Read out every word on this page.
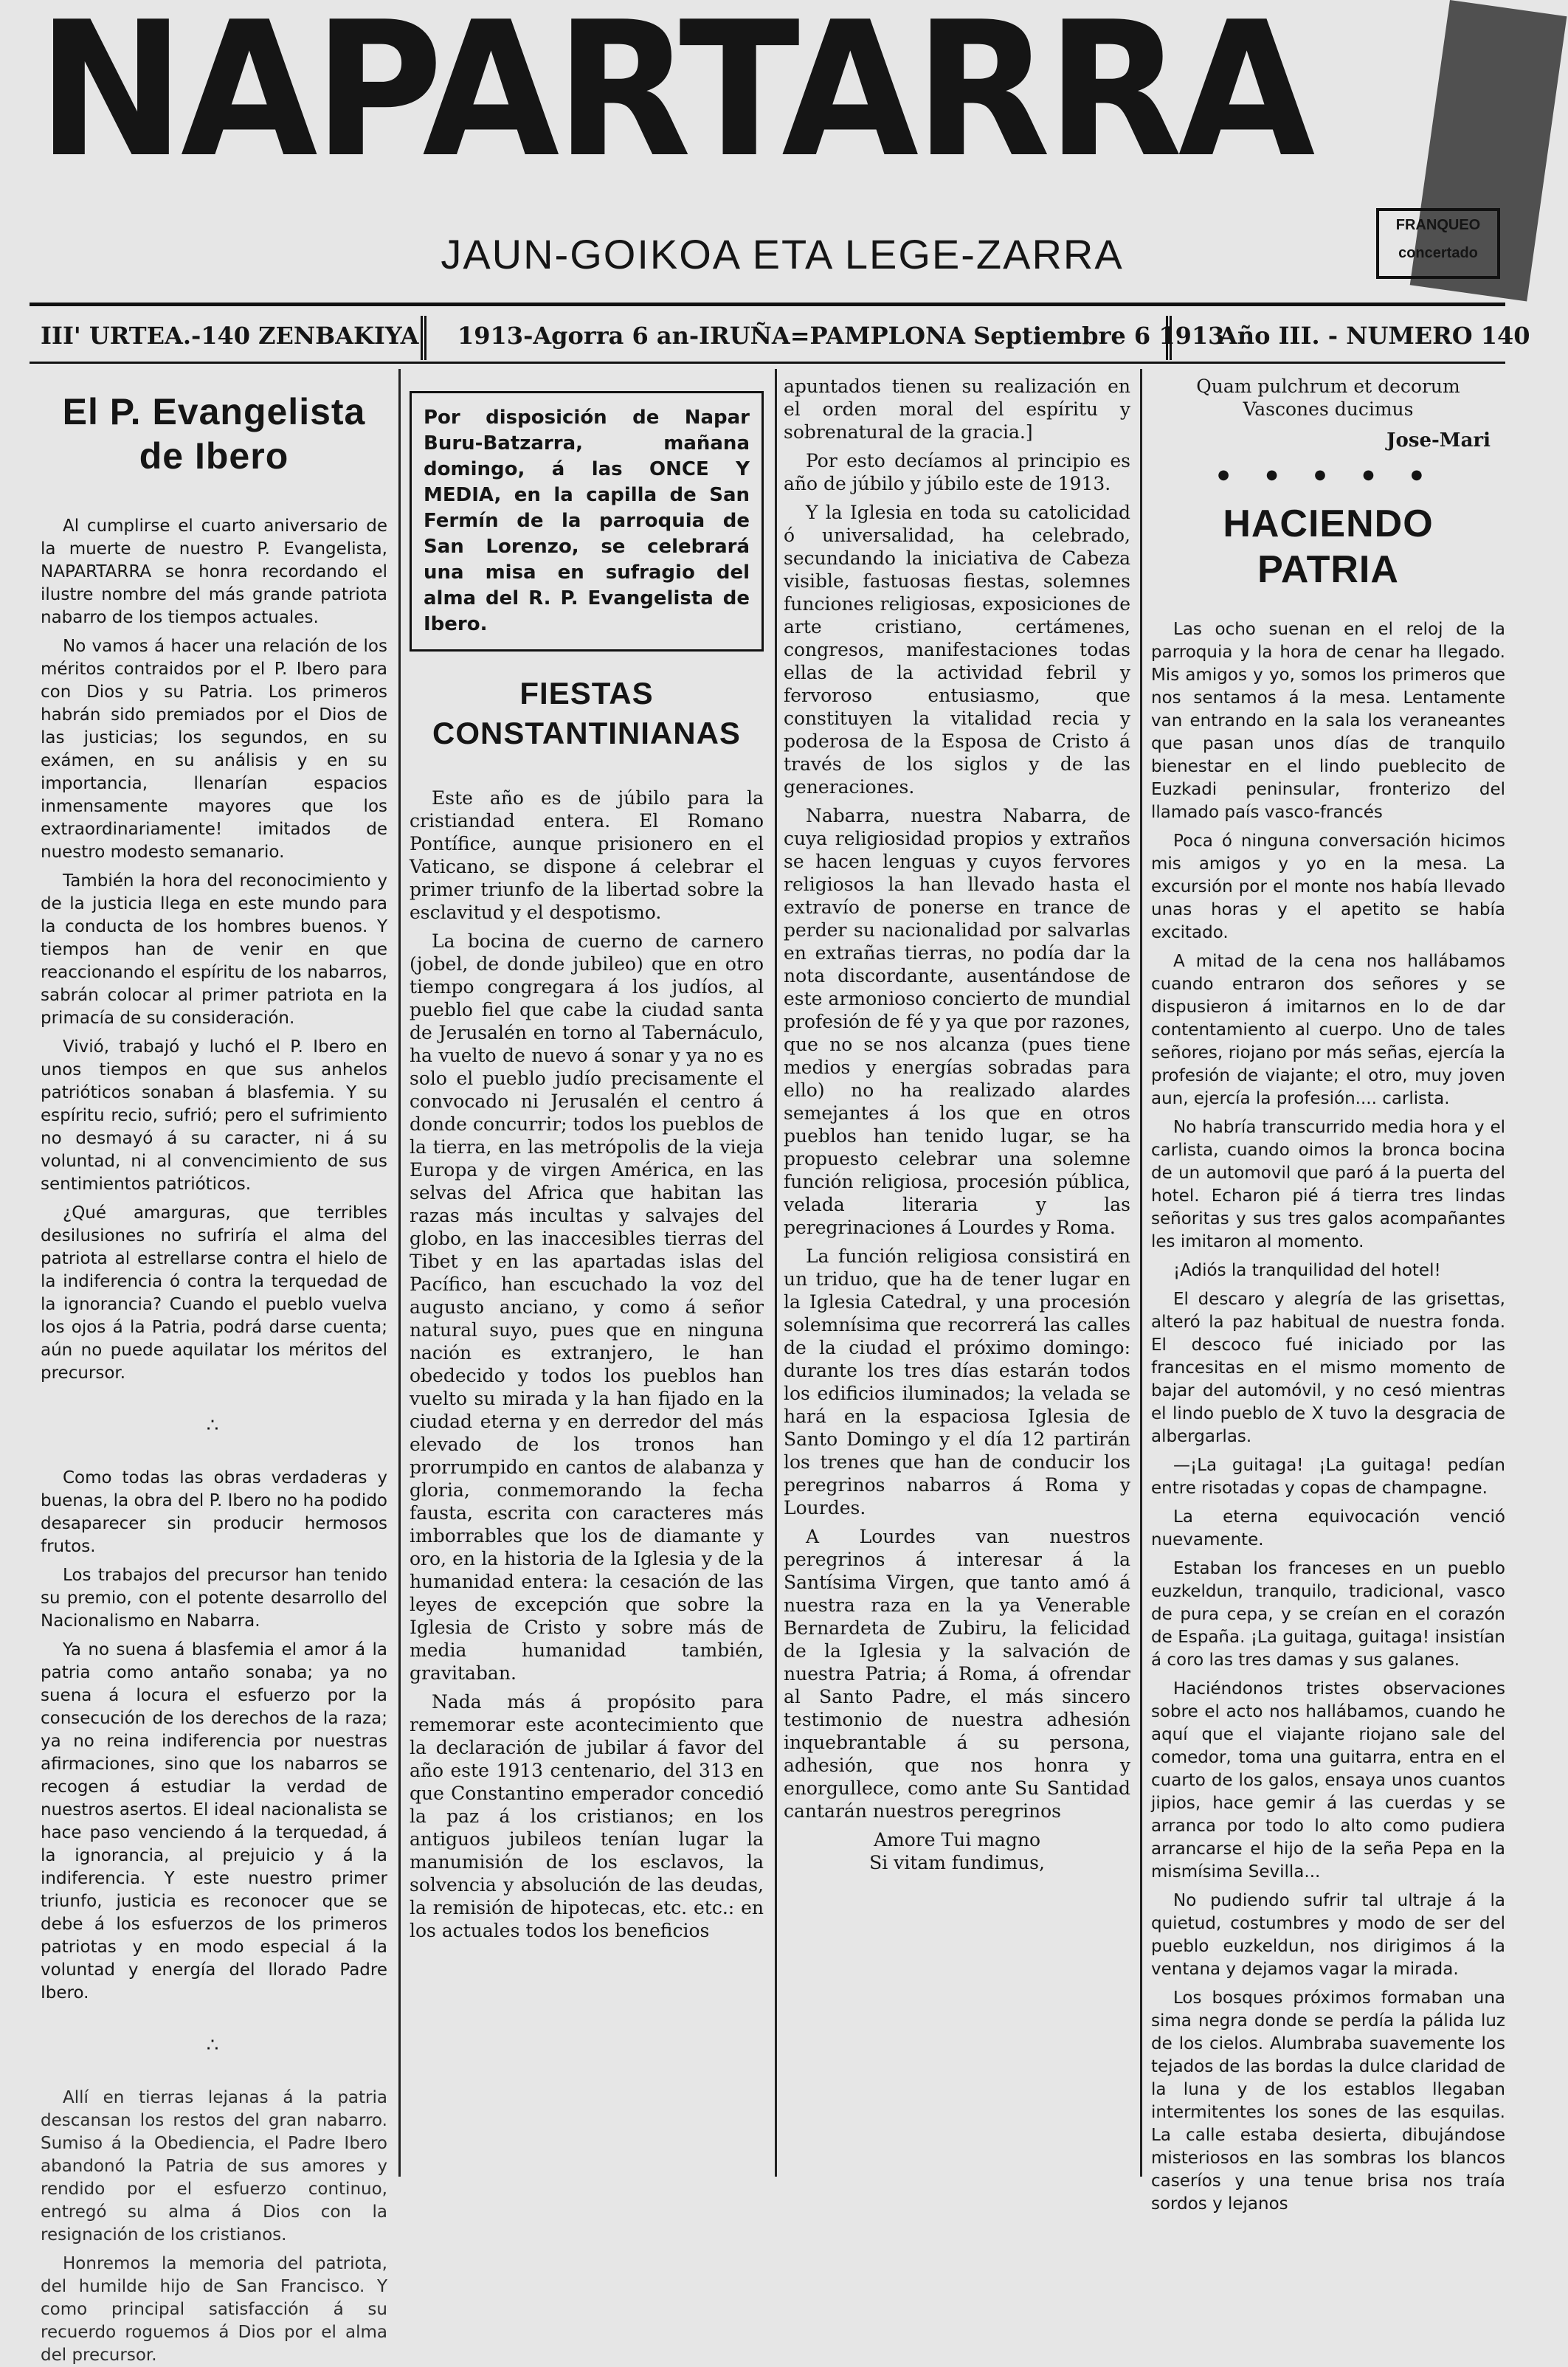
NAPARTARRA
JAUN-GOIKOA ETA LEGE-ZARRA
FRANQUEO
concertado
III' URTEA.-140 ZENBAKIYA 1913-Agorra 6 an-IRUÑA=PAMPLONA Septiembre 6 1913
Año III. - NUMERO 140
El P. Evangelista de Ibero

Al cumplirse el cuarto aniversario de la muerte de nuestro P. Evangelista, NAPARTARRA se honra recordando el ilustre nombre del más grande patriota nabarro de los tiempos actuales.

No vamos á hacer una relación de los méritos contraidos por el P. Ibero para con Dios y su Patria. Los primeros habrán sido premiados por el Dios de las justicias; los segundos, en su exámen, en su análisis y en su importancia, llenarían espacios inmensamente mayores que los extraordinariamente! imitados de nuestro modesto semanario.

También la hora del reconocimiento y de la justicia llega en este mundo para la conducta de los hombres buenos. Y tiempos han de venir en que reaccionando el espíritu de los nabarros, sabrán colocar al primer patriota en la primacía de su consideración.

Vivió, trabajó y luchó el P. Ibero en unos tiempos en que sus anhelos patrióticos sonaban á blasfemia. Y su espíritu recio, sufrió; pero el sufrimiento no desmayó á su caracter, ni á su voluntad, ni al convencimiento de sus sentimientos patrióticos.

¿Qué amarguras, que terribles desilusiones no sufriría el alma del patriota al estrellarse contra el hielo de la indiferencia ó contra la terquedad de la ignorancia? Cuando el pueblo vuelva los ojos á la Patria, podrá darse cuenta; aún no puede aquilatar los méritos del precursor.

∴

Como todas las obras verdaderas y buenas, la obra del P. Ibero no ha podido desaparecer sin producir hermosos frutos.

Los trabajos del precursor han tenido su premio, con el potente desarrollo del Nacionalismo en Nabarra.

Ya no suena á blasfemia el amor á la patria como antaño sonaba; ya no suena á locura el esfuerzo por la consecución de los derechos de la raza; ya no reina indiferencia por nuestras afirmaciones, sino que los nabarros se recogen á estudiar la verdad de nuestros asertos. El ideal nacionalista se hace paso venciendo á la terquedad, á la ignorancia, al prejuicio y á la indiferencia. Y este nuestro primer triunfo, justicia es reconocer que se debe á los esfuerzos de los primeros patriotas y en modo especial á la voluntad y energía del llorado Padre Ibero.

∴

Allí en tierras lejanas á la patria descansan los restos del gran nabarro. Sumiso á la Obediencia, el Padre Ibero abandonó la Patria de sus amores y rendido por el esfuerzo continuo, entregó su alma á Dios con la resignación de los cristianos.

Honremos la memoria del patriota, del humilde hijo de San Francisco. Y como principal satisfacción á su recuerdo roguemos á Dios por el alma del precursor.

Por disposición de Napar Buru-Batzarra, mañana domingo, á las ONCE Y MEDIA, en la capilla de San Fermín de la parroquia de San Lorenzo, se celebrará una misa en sufragio del alma del R. P. Evangelista de Ibero.
FIESTAS CONSTANTINIANAS

Este año es de júbilo para la cristiandad entera. El Romano Pontífice, aunque prisionero en el Vaticano, se dispone á celebrar el primer triunfo de la libertad sobre la esclavitud y el despotismo.

La bocina de cuerno de carnero (jobel, de donde jubileo) que en otro tiempo congregara á los judíos, al pueblo fiel que cabe la ciudad santa de Jerusalén en torno al Tabernáculo, ha vuelto de nuevo á sonar y ya no es solo el pueblo judío precisamente el convocado ni Jerusalén el centro á donde concurrir; todos los pueblos de la tierra, en las metrópolis de la vieja Europa y de virgen América, en las selvas del Africa que habitan las razas más incultas y salvajes del globo, en las inaccesibles tierras del Tibet y en las apartadas islas del Pacífico, han escuchado la voz del augusto anciano, y como á señor natural suyo, pues que en ninguna nación es extranjero, le han obedecido y todos los pueblos han vuelto su mirada y la han fijado en la ciudad eterna y en derredor del más elevado de los tronos han prorrumpido en cantos de alabanza y gloria, conmemorando la fecha fausta, escrita con caracteres más imborrables que los de diamante y oro, en la historia de la Iglesia y de la humanidad entera: la cesación de las leyes de excepción que sobre la Iglesia de Cristo y sobre más de media humanidad también, gravitaban.

Nada más á propósito para rememorar este acontecimiento que la declaración de jubilar á favor del año este 1913 centenario, del 313 en que Constantino emperador concedió la paz á los cristianos; en los antiguos jubileos tenían lugar la manumisión de los esclavos, la solvencia y absolución de las deudas, la remisión de hipotecas, etc. etc.: en los actuales todos los beneficios

apuntados tienen su realización en el orden moral del espíritu y sobrenatural de la gracia.]

Por esto decíamos al principio es año de júbilo y júbilo este de 1913.

Y la Iglesia en toda su catolicidad ó universalidad, ha celebrado, secundando la iniciativa de Cabeza visible, fastuosas fiestas, solemnes funciones religiosas, exposiciones de arte cristiano, certámenes, congresos, manifestaciones todas ellas de la actividad febril y fervoroso entusiasmo, que constituyen la vitalidad recia y poderosa de la Esposa de Cristo á través de los siglos y de las generaciones.

Nabarra, nuestra Nabarra, de cuya religiosidad propios y extraños se hacen lenguas y cuyos fervores religiosos la han llevado hasta el extravío de ponerse en trance de perder su nacionalidad por salvarlas en extrañas tierras, no podía dar la nota discordante, ausentándose de este armonioso concierto de mundial profesión de fé y ya que por razones, que no se nos alcanza (pues tiene medios y energías sobradas para ello) no ha realizado alardes semejantes á los que en otros pueblos han tenido lugar, se ha propuesto celebrar una solemne función religiosa, procesión pública, velada literaria y las peregrinaciones á Lourdes y Roma.

La función religiosa consistirá en un triduo, que ha de tener lugar en la Iglesia Catedral, y una procesión solemnísima que recorrerá las calles de la ciudad el próximo domingo: durante los tres días estarán todos los edificios iluminados; la velada se hará en la espaciosa Iglesia de Santo Domingo y el día 12 partirán los trenes que han de conducir los peregrinos nabarros á Roma y Lourdes.

A Lourdes van nuestros peregrinos á interesar á la Santísima Virgen, que tanto amó á nuestra raza en la ya Venerable Bernardeta de Zubiru, la felicidad de la Iglesia y la salvación de nuestra Patria; á Roma, á ofrendar al Santo Padre, el más sincero testimonio de nuestra adhesión inquebrantable á su persona, adhesión, que nos honra y enorgullece, como ante Su Santidad cantarán nuestros peregrinos

Amore Tui magno

Si vitam fundimus,

Quam pulchrum et decorum

Vascones ducimus

Jose-Mari
● ● ● ● ●
HACIENDO PATRIA

Las ocho suenan en el reloj de la parroquia y la hora de cenar ha llegado. Mis amigos y yo, somos los primeros que nos sentamos á la mesa. Lentamente van entrando en la sala los veraneantes que pasan unos días de tranquilo bienestar en el lindo pueblecito de Euzkadi peninsular, fronterizo del llamado país vasco-francés

Poca ó ninguna conversación hicimos mis amigos y yo en la mesa. La excursión por el monte nos había llevado unas horas y el apetito se había excitado.

A mitad de la cena nos hallábamos cuando entraron dos señores y se dispusieron á imitarnos en lo de dar contentamiento al cuerpo. Uno de tales señores, riojano por más señas, ejercía la profesión de viajante; el otro, muy joven aun, ejercía la profesión.... carlista.

No habría transcurrido media hora y el carlista, cuando oimos la bronca bocina de un automovil que paró á la puerta del hotel. Echaron pié á tierra tres lindas señoritas y sus tres galos acompañantes les imitaron al momento.

¡Adiós la tranquilidad del hotel!

El descaro y alegría de las grisettas, alteró la paz habitual de nuestra fonda. El descoco fué iniciado por las francesitas en el mismo momento de bajar del automóvil, y no cesó mientras el lindo pueblo de X tuvo la desgracia de albergarlas.

—¡La guitaga! ¡La guitaga! pedían entre risotadas y copas de champagne.

La eterna equivocación venció nuevamente.

Estaban los franceses en un pueblo euzkeldun, tranquilo, tradicional, vasco de pura cepa, y se creían en el corazón de España. ¡La guitaga, guitaga! insistían á coro las tres damas y sus galanes.

Haciéndonos tristes observaciones sobre el acto nos hallábamos, cuando he aquí que el viajante riojano sale del comedor, toma una guitarra, entra en el cuarto de los galos, ensaya unos cuantos jipios, hace gemir á las cuerdas y se arranca por todo lo alto como pudiera arrancarse el hijo de la seña Pepa en la mismísima Sevilla...

No pudiendo sufrir tal ultraje á la quietud, costumbres y modo de ser del pueblo euzkeldun, nos dirigimos á la ventana y dejamos vagar la mirada.

Los bosques próximos formaban una sima negra donde se perdía la pálida luz de los cielos. Alumbraba suavemente los tejados de las bordas la dulce claridad de la luna y de los establos llegaban intermitentes los sones de las esquilas. La calle estaba desierta, dibujándose misteriosos en las sombras los blancos caseríos y una tenue brisa nos traía sordos y lejanos
